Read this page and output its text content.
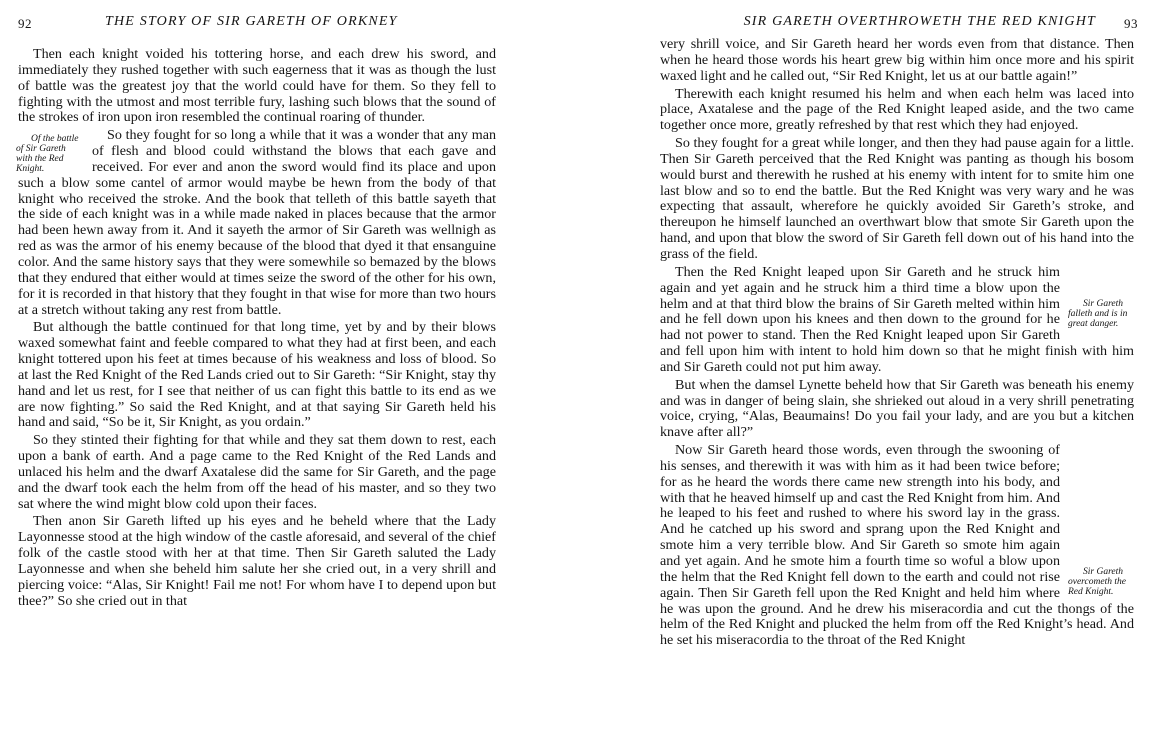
92	THE STORY OF SIR GARETH OF ORKNEY

Then each knight voided his tottering horse, and each drew his sword, and immediately they rushed together with such eagerness that it was as though the lust of battle was the greatest joy that the world could have for them. So they fell to fighting with the utmost and most terrible fury, lashing such blows that the sound of the strokes of iron upon iron resembled the continual roaring of thunder.

Of the battle of Sir Gareth with the Red Knight.
So they fought for so long a while that it was a wonder that any man of flesh and blood could withstand the blows that each gave and received. For ever and anon the sword would find its place and upon such a blow some cantel of armor would maybe be hewn from the body of that knight who received the stroke. And the book that telleth of this battle sayeth that the side of each knight was in a while made naked in places because that the armor had been hewn away from it. And it sayeth the armor of Sir Gareth was wellnigh as red as was the armor of his enemy because of the blood that dyed it that ensanguine color. And the same history says that they were somewhile so bemazed by the blows that they endured that either would at times seize the sword of the other for his own, for it is recorded in that history that they fought in that wise for more than two hours at a stretch without taking any rest from battle.

But although the battle continued for that long time, yet by and by their blows waxed somewhat faint and feeble compared to what they had at first been, and each knight tottered upon his feet at times because of his weakness and loss of blood. So at last the Red Knight of the Red Lands cried out to Sir Gareth: “Sir Knight, stay thy hand and let us rest, for I see that neither of us can fight this battle to its end as we are now fighting.” So said the Red Knight, and at that saying Sir Gareth held his hand and said, “So be it, Sir Knight, as you ordain.”

So they stinted their fighting for that while and they sat them down to rest, each upon a bank of earth. And a page came to the Red Knight of the Red Lands and unlaced his helm and the dwarf Axatalese did the same for Sir Gareth, and the page and the dwarf took each the helm from off the head of his master, and so they two sat where the wind might blow cold upon their faces.

Then anon Sir Gareth lifted up his eyes and he beheld where that the Lady Layonnesse stood at the high window of the castle aforesaid, and several of the chief folk of the castle stood with her at that time. Then Sir Gareth saluted the Lady Layonnesse and when she beheld him salute her she cried out, in a very shrill and piercing voice: “Alas, Sir Knight! Fail me not! For whom have I to depend upon but thee?” So she cried out in that

SIR GARETH OVERTHROWETH THE RED KNIGHT 93

very shrill voice, and Sir Gareth heard her words even from that distance. Then when he heard those words his heart grew big within him once more and his spirit waxed light and he called out, “Sir Red Knight, let us at our battle again!”

Therewith each knight resumed his helm and when each helm was laced into place, Axatalese and the page of the Red Knight leaped aside, and the two came together once more, greatly refreshed by that rest which they had enjoyed.

So they fought for a great while longer, and then they had pause again for a little. Then Sir Gareth perceived that the Red Knight was panting as though his bosom would burst and therewith he rushed at his enemy with intent for to smite him one last blow and so to end the battle. But the Red Knight was very wary and he was expecting that assault, wherefore he quickly avoided Sir Gareth’s stroke, and thereupon he himself launched an overthwart blow that smote Sir Gareth upon the hand, and upon that blow the sword of Sir Gareth fell down out of his hand into the grass of the field.

Sir Gareth falleth and is in great danger.
Then the Red Knight leaped upon Sir Gareth and he struck him again and yet again and he struck him a third time a blow upon the helm and at that third blow the brains of Sir Gareth melted within him and he fell down upon his knees and then down to the ground for he had not power to stand. Then the Red Knight leaped upon Sir Gareth and fell upon him with intent to hold him down so that he might finish with him and Sir Gareth could not put him away.

But when the damsel Lynette beheld how that Sir Gareth was beneath his enemy and was in danger of being slain, she shrieked out aloud in a very shrill penetrating voice, crying, “Alas, Beaumains! Do you fail your lady, and are you but a kitchen knave after all?”

Sir Gareth overcometh the Red Knight.
Now Sir Gareth heard those words, even through the swooning of his senses, and therewith it was with him as it had been twice before; for as he heard the words there came new strength into his body, and with that he heaved himself up and cast the Red Knight from him. And he leaped to his feet and rushed to where his sword lay in the grass. And he catched up his sword and sprang upon the Red Knight and smote him a very terrible blow. And Sir Gareth so smote him again and yet again. And he smote him a fourth time so woful a blow upon the helm that the Red Knight fell down to the earth and could not rise again. Then Sir Gareth fell upon the Red Knight and held him where he was upon the ground. And he drew his miseracordia and cut the thongs of the helm of the Red Knight and plucked the helm from off the Red Knight’s head. And he set his miseracordia to the throat of the Red Knight
